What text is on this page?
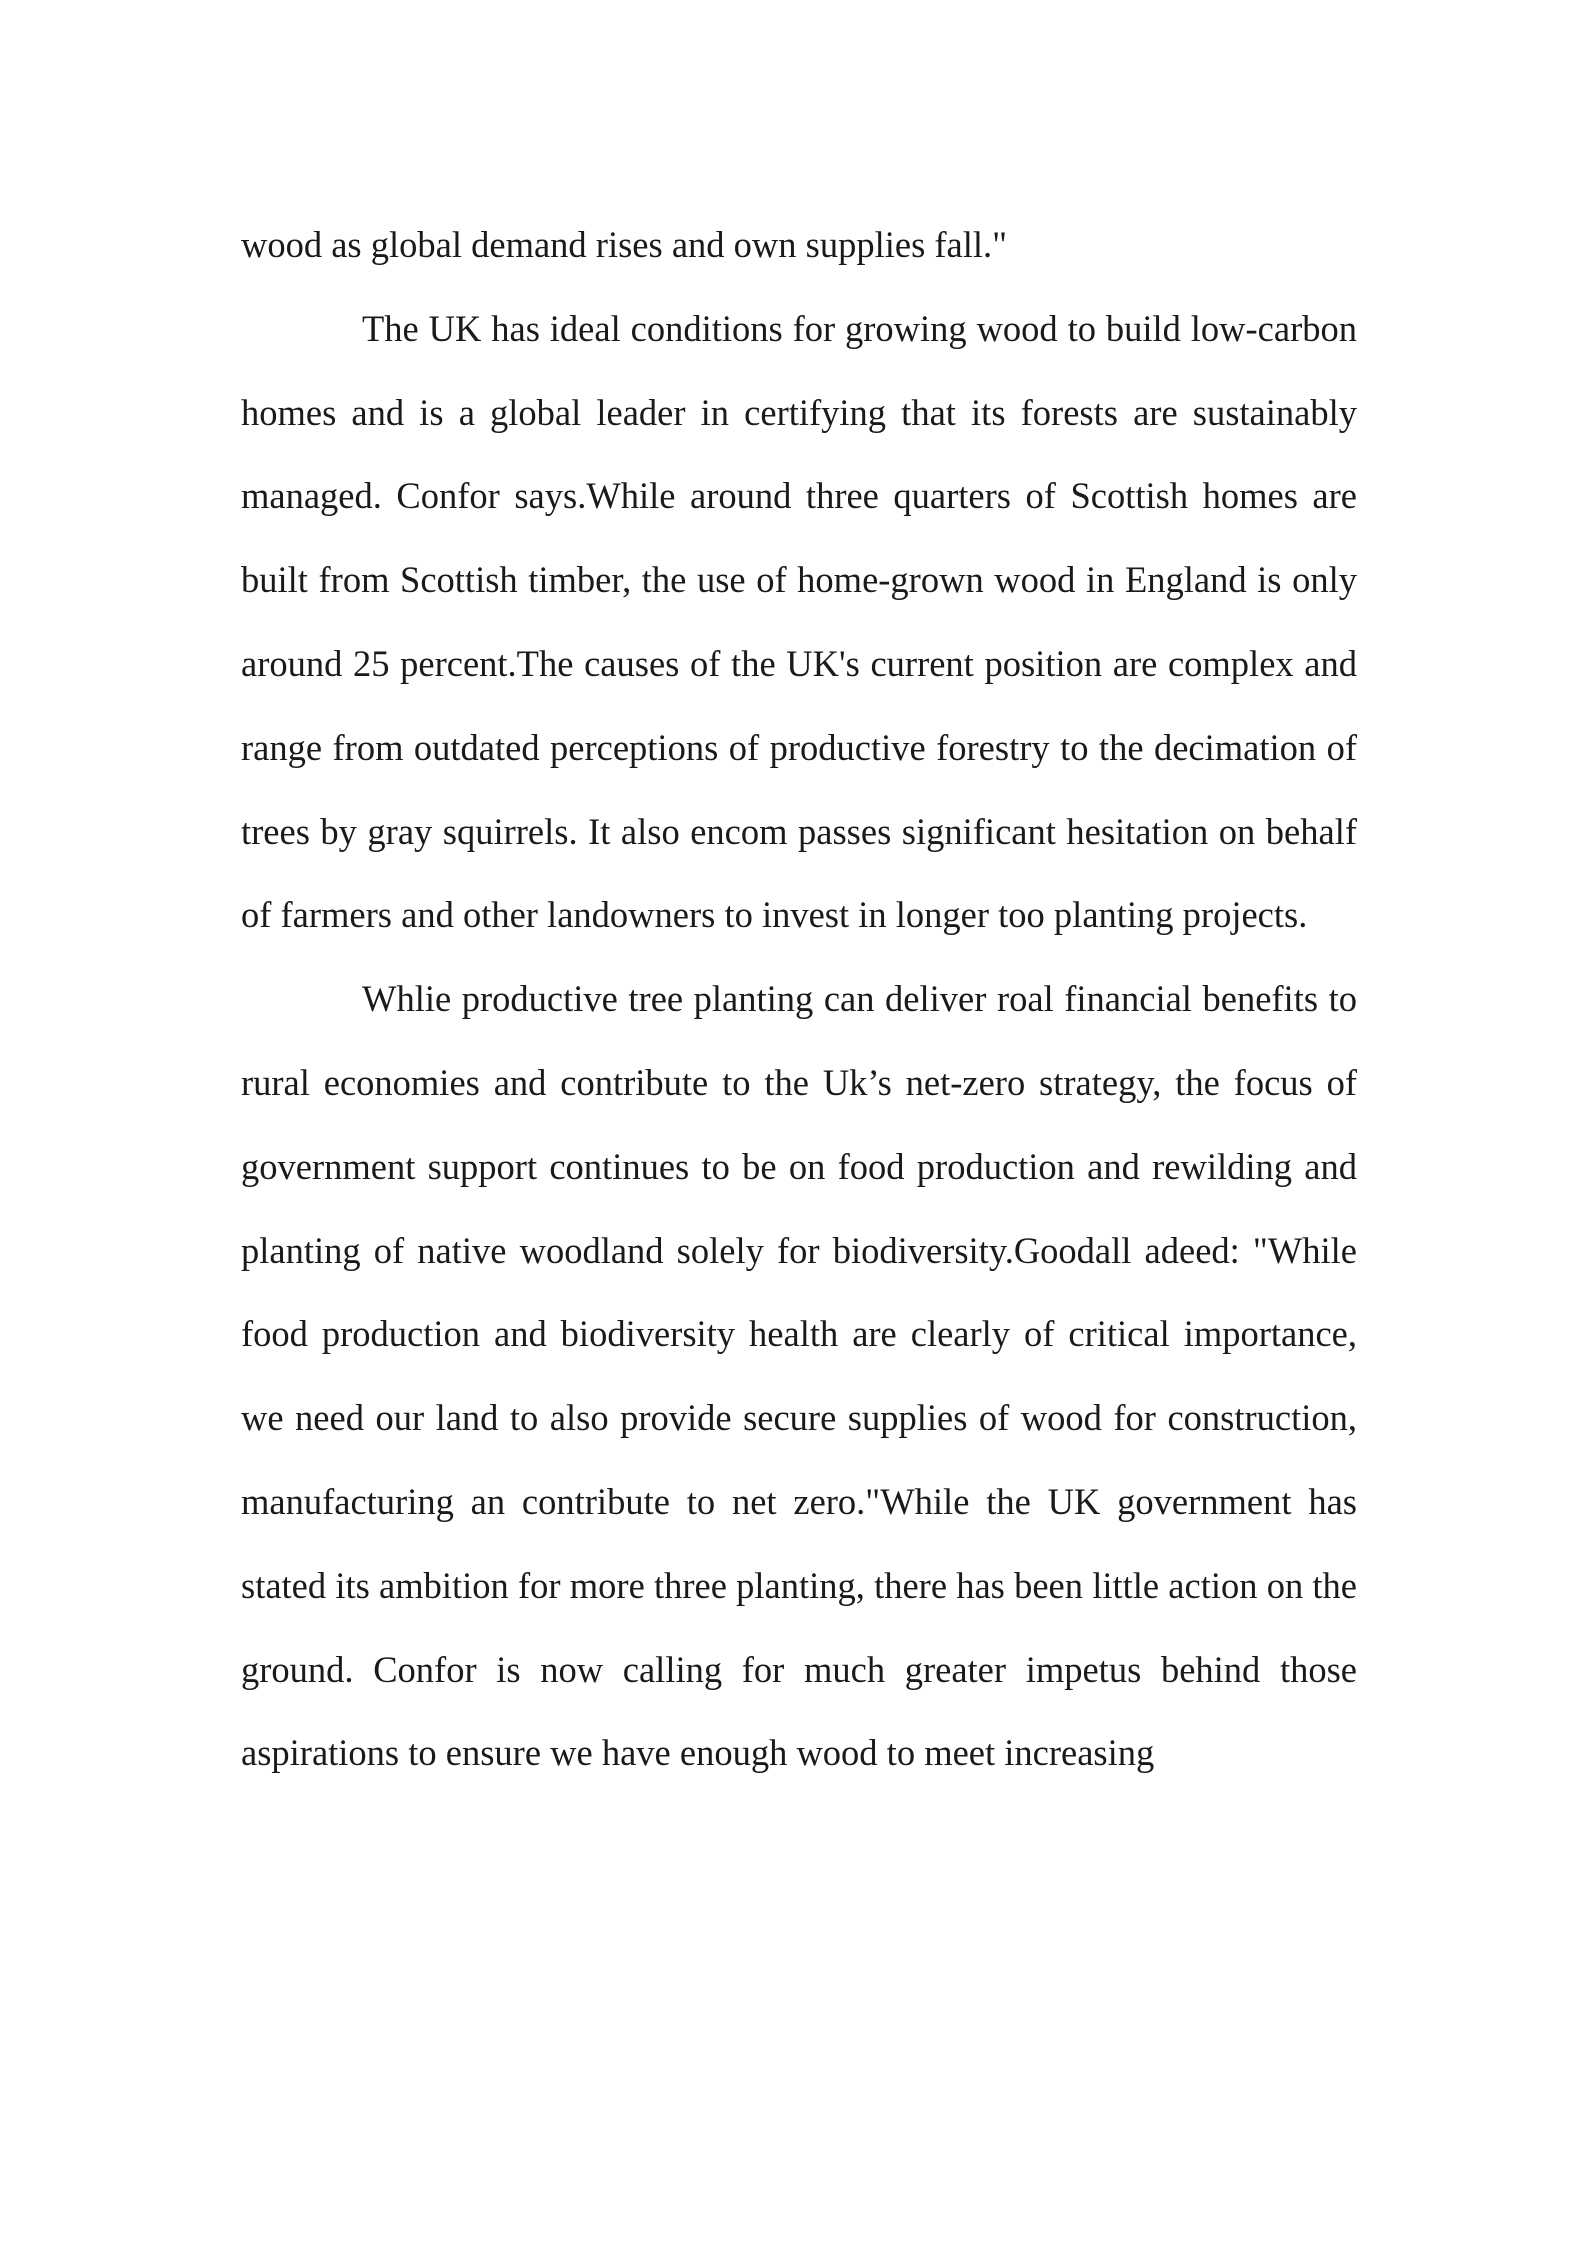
wood as global demand rises and own supplies fall."

The UK has ideal conditions for growing wood to build low-carbon homes and is a global leader in certifying that its forests are sustainably managed. Confor says.While around three quarters of Scottish homes are built from Scottish timber, the use of home-grown wood in England is only around 25 percent.The causes of the UK's current position are complex and range from outdated perceptions of productive forestry to the decimation of trees by gray squirrels. It also encom passes significant hesitation on behalf of farmers and other landowners to invest in longer too planting projects.

Whlie productive tree planting can deliver roal financial benefits to rural economies and contribute to the Uk’s net-zero strategy, the focus of government support continues to be on food production and rewilding and planting of native woodland solely for biodiversity.Goodall adeed: "While food production and biodiversity health are clearly of critical importance, we need our land to also provide secure supplies of wood for construction, manufacturing an contribute to net zero."While the UK government has stated its ambition for more three planting, there has been little action on the ground. Confor is now calling for much greater impetus behind those aspirations to ensure we have enough wood to meet increasing
